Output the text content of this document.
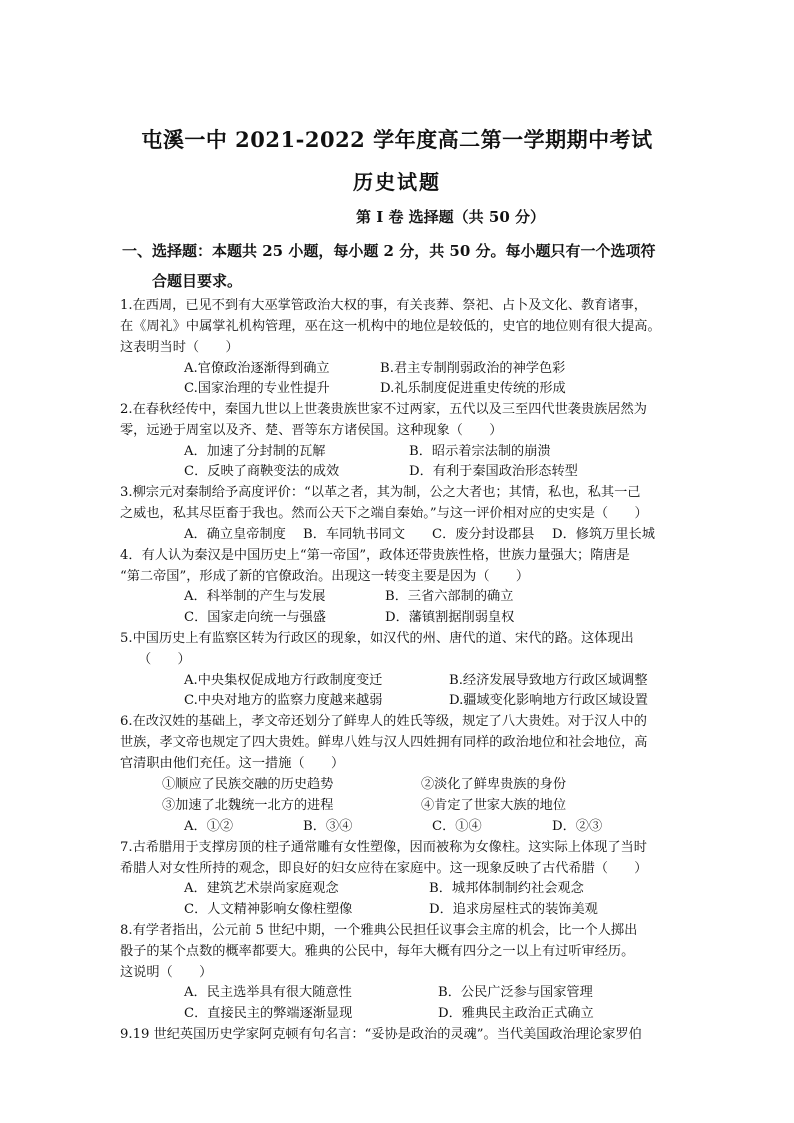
屯溪一中 2021-2022 学年度高二第一学期期中考试
历史试题
第 I 卷 选择题（共 50 分）
一、选择题：本题共 25 小题，每小题 2 分，共 50 分。每小题只有一个选项符
合题目要求。
1.在西周，已见不到有大巫掌管政治大权的事，有关丧葬、祭祀、占卜及文化、教育诸事，
在《周礼》中属掌礼机构管理，巫在这一机构中的地位是较低的，史官的地位则有很大提高。
这表明当时（　　）
A.官僚政治逐渐得到确立	B.君主专制削弱政治的神学色彩
C.国家治理的专业性提升	D.礼乐制度促进重史传统的形成
2.在春秋经传中，秦国九世以上世袭贵族世家不过两家，五代以及三至四代世袭贵族居然为
零，远逊于周室以及齐、楚、晋等东方诸侯国。这种现象（　　）
A．加速了分封制的瓦解	B．昭示着宗法制的崩溃
C．反映了商鞅变法的成效	D．有利于秦国政治形态转型
3.柳宗元对秦制给予高度评价：“以革之者，其为制，公之大者也；其情，私也，私其一己
之威也，私其尽臣畜于我也。然而公天下之端自秦始。”与这一评价相对应的史实是（　　）
A．确立皇帝制度 B．车同轨书同文 C．废分封设郡县 D．修筑万里长城
4．有人认为秦汉是中国历史上“第一帝国”，政体还带贵族性格，世族力量强大；隋唐是
“第二帝国”，形成了新的官僚政治。出现这一转变主要是因为（　　）
A．科举制的产生与发展	B．三省六部制的确立
C．国家走向统一与强盛	D．藩镇割据削弱皇权
5.中国历史上有监察区转为行政区的现象，如汉代的州、唐代的道、宋代的路。这体现出
（　　）
A.中央集权促成地方行政制度变迁	B.经济发展导致地方行政区域调整
C.中央对地方的监察力度越来越弱	D.疆域变化影响地方行政区域设置
6.在改汉姓的基础上，孝文帝还划分了鲜卑人的姓氏等级，规定了八大贵姓。对于汉人中的
世族，孝文帝也规定了四大贵姓。鲜卑八姓与汉人四姓拥有同样的政治地位和社会地位，高
官清职由他们充任。这一措施（　　）
①顺应了民族交融的历史趋势	②淡化了鲜卑贵族的身份
③加速了北魏统一北方的进程	④肯定了世家大族的地位
A．①②	B．③④	C．①④	D．②③
7.古希腊用于支撑房顶的柱子通常雕有女性塑像，因而被称为女像柱。这实际上体现了当时
希腊人对女性所持的观念，即良好的妇女应待在家庭中。这一现象反映了古代希腊（　　）
A．建筑艺术崇尚家庭观念	B．城邦体制制约社会观念
C．人文精神影响女像柱塑像	D．追求房屋柱式的装饰美观
8.有学者指出，公元前 5 世纪中期，一个雅典公民担任议事会主席的机会，比一个人掷出
骰子的某个点数的概率都要大。雅典的公民中，每年大概有四分之一以上有过听审经历。
这说明（　　）
A．民主选举具有很大随意性	B．公民广泛参与国家管理
C．直接民主的弊端逐渐显现	D．雅典民主政治正式确立
9.19 世纪英国历史学家阿克顿有句名言：“妥协是政治的灵魂”。当代美国政治理论家罗伯
